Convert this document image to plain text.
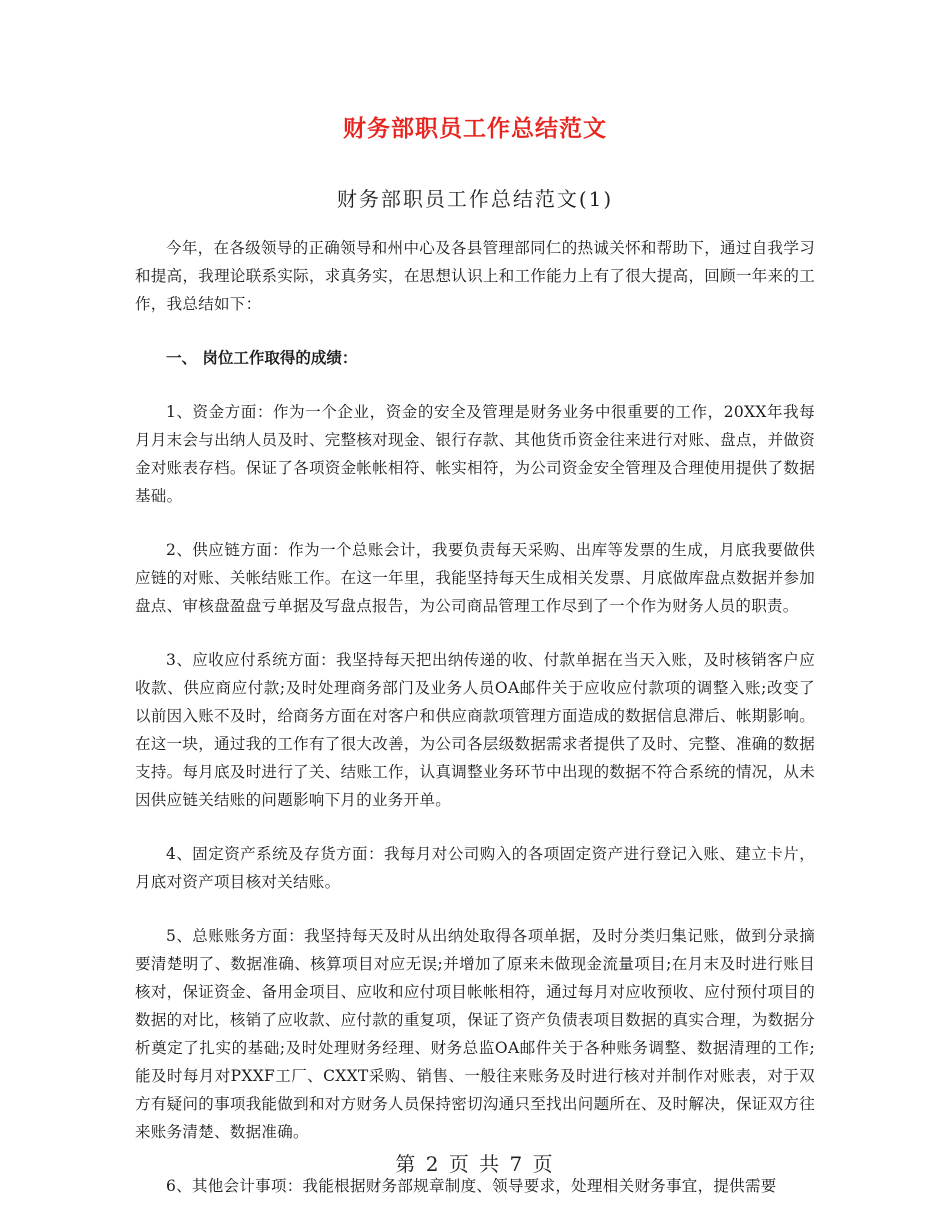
财务部职员工作总结范文
财务部职员工作总结范文(1)

今年，在各级领导的正确领导和州中心及各县管理部同仁的热诚关怀和帮助下，通过自我学习和提高，我理论联系实际，求真务实，在思想认识上和工作能力上有了很大提高，回顾一年来的工作，我总结如下：

一、 岗位工作取得的成绩：

1、资金方面：作为一个企业，资金的安全及管理是财务业务中很重要的工作，20XX年我每月月末会与出纳人员及时、完整核对现金、银行存款、其他货币资金往来进行对账、盘点，并做资金对账表存档。保证了各项资金帐帐相符、帐实相符，为公司资金安全管理及合理使用提供了数据基础。

2、供应链方面：作为一个总账会计，我要负责每天采购、出库等发票的生成，月底我要做供应链的对账、关帐结账工作。在这一年里，我能坚持每天生成相关发票、月底做库盘点数据并参加盘点、审核盘盈盘亏单据及写盘点报告，为公司商品管理工作尽到了一个作为财务人员的职责。

3、应收应付系统方面：我坚持每天把出纳传递的收、付款单据在当天入账，及时核销客户应收款、供应商应付款;及时处理商务部门及业务人员OA邮件关于应收应付款项的调整入账;改变了以前因入账不及时，给商务方面在对客户和供应商款项管理方面造成的数据信息滞后、帐期影响。在这一块，通过我的工作有了很大改善，为公司各层级数据需求者提供了及时、完整、准确的数据支持。每月底及时进行了关、结账工作，认真调整业务环节中出现的数据不符合系统的情况，从未因供应链关结账的问题影响下月的业务开单。

4、固定资产系统及存货方面：我每月对公司购入的各项固定资产进行登记入账、建立卡片，月底对资产项目核对关结账。

5、总账账务方面：我坚持每天及时从出纳处取得各项单据，及时分类归集记账，做到分录摘要清楚明了、数据准确、核算项目对应无误;并增加了原来未做现金流量项目;在月末及时进行账目核对，保证资金、备用金项目、应收和应付项目帐帐相符，通过每月对应收预收、应付预付项目的数据的对比，核销了应收款、应付款的重复项，保证了资产负债表项目数据的真实合理，为数据分析奠定了扎实的基础;及时处理财务经理、财务总监OA邮件关于各种账务调整、数据清理的工作;能及时每月对PXXF工厂、CXXT采购、销售、一般往来账务及时进行核对并制作对账表，对于双方有疑问的事项我能做到和对方财务人员保持密切沟通只至找出问题所在、及时解决，保证双方往来账务清楚、数据准确。

6、其他会计事项：我能根据财务部规章制度、领导要求，处理相关财务事宜，提供需要

第 2 页 共 7 页
